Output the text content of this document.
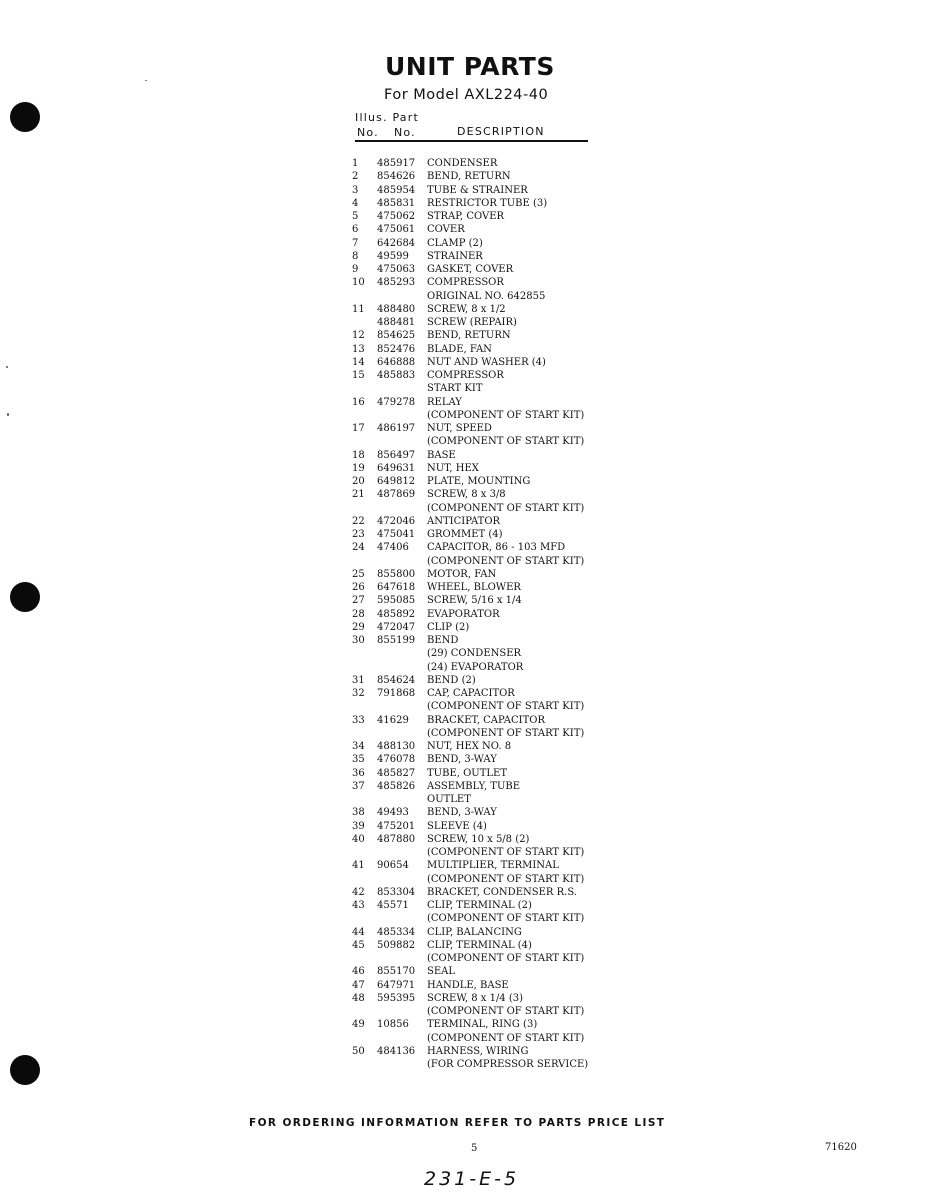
UNIT PARTS
For Model AXL224-40
Illus. Part
No. No.	DESCRIPTION
1 485917 CONDENSER
2 854626 BEND, RETURN
3 485954 TUBE & STRAINER
4 485831 RESTRICTOR TUBE (3)
5 475062 STRAP, COVER
6 475061 COVER
7 642684 CLAMP (2)
8 49599 STRAINER
9 475063 GASKET, COVER
10 485293 COMPRESSOR
ORIGINAL NO. 642855
11 488480 SCREW, 8 x 1/2
488481 SCREW (REPAIR)
12 854625 BEND, RETURN
13 852476 BLADE, FAN
14 646888 NUT AND WASHER (4)
15 485883 COMPRESSOR
START KIT
16 479278 RELAY
(COMPONENT OF START KIT)
17 486197 NUT, SPEED
(COMPONENT OF START KIT)
18 856497 BASE
19 649631 NUT, HEX
20 649812 PLATE, MOUNTING
21 487869 SCREW, 8 x 3/8
(COMPONENT OF START KIT)
22 472046 ANTICIPATOR
23 475041 GROMMET (4)
24 47406 CAPACITOR, 86 - 103 MFD
(COMPONENT OF START KIT)
25 855800 MOTOR, FAN
26 647618 WHEEL, BLOWER
27 595085 SCREW, 5/16 x 1/4
28 485892 EVAPORATOR
29 472047 CLIP (2)
30 855199 BEND
(29) CONDENSER
(24) EVAPORATOR
31 854624 BEND (2)
32 791868 CAP, CAPACITOR
(COMPONENT OF START KIT)
33 41629 BRACKET, CAPACITOR
(COMPONENT OF START KIT)
34 488130 NUT, HEX NO. 8
35 476078 BEND, 3-WAY
36 485827 TUBE, OUTLET
37 485826 ASSEMBLY, TUBE
OUTLET
38 49493 BEND, 3-WAY
39 475201 SLEEVE (4)
40 487880 SCREW, 10 x 5/8 (2)
(COMPONENT OF START KIT)
41 90654 MULTIPLIER, TERMINAL
(COMPONENT OF START KIT)
42 853304 BRACKET, CONDENSER R.S.
43 45571 CLIP, TERMINAL (2)
(COMPONENT OF START KIT)
44 485334 CLIP, BALANCING
45 509882 CLIP, TERMINAL (4)
(COMPONENT OF START KIT)
46 855170 SEAL
47 647971 HANDLE, BASE
48 595395 SCREW, 8 x 1/4 (3)
(COMPONENT OF START KIT)
49 10856 TERMINAL, RING (3)
(COMPONENT OF START KIT)
50 484136 HARNESS, WIRING
(FOR COMPRESSOR SERVICE)
FOR ORDERING INFORMATION REFER TO PARTS PRICE LIST
5	71620
231-E-5
